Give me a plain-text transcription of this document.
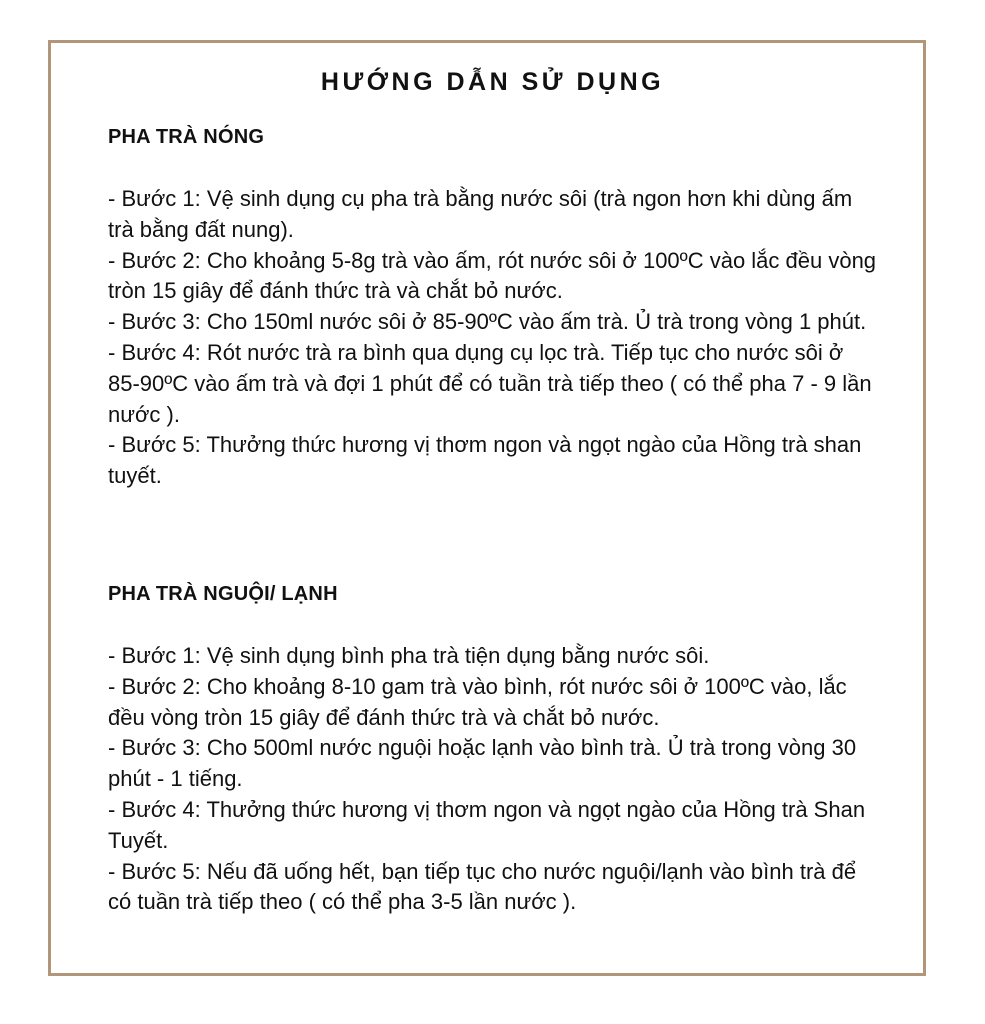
HƯỚNG DẪN SỬ DỤNG
PHA TRÀ NÓNG
- Bước 1: Vệ sinh dụng cụ pha trà bằng nước sôi (trà ngon hơn khi dùng ấm trà bằng đất nung).
- Bước 2: Cho khoảng 5-8g trà vào ấm, rót nước sôi ở 100ºC vào lắc đều vòng tròn 15 giây để đánh thức trà và chắt bỏ nước.
- Bước 3: Cho 150ml nước sôi ở 85-90ºC vào ấm trà. Ủ trà trong vòng 1 phút.
- Bước 4: Rót nước trà ra bình qua dụng cụ lọc trà. Tiếp tục cho nước sôi ở 85-90ºC vào ấm trà và đợi 1 phút để có tuần trà tiếp theo ( có thể pha 7 - 9 lần nước ).
- Bước 5: Thưởng thức hương vị thơm ngon và ngọt ngào của Hồng trà shan tuyết.
PHA TRÀ NGUỘI/ LẠNH
- Bước 1: Vệ sinh dụng bình pha trà tiện dụng bằng nước sôi.
- Bước 2: Cho khoảng 8-10 gam trà vào bình, rót nước sôi ở 100ºC vào, lắc đều vòng tròn 15 giây để đánh thức trà và chắt bỏ nước.
- Bước 3: Cho 500ml nước nguội hoặc lạnh vào bình trà. Ủ trà trong vòng 30 phút - 1 tiếng.
- Bước 4: Thưởng thức hương vị thơm ngon và ngọt ngào của Hồng trà Shan Tuyết.
- Bước 5: Nếu đã uống hết, bạn tiếp tục cho nước nguội/lạnh vào bình trà để có tuần trà tiếp theo ( có thể pha 3-5 lần nước ).
